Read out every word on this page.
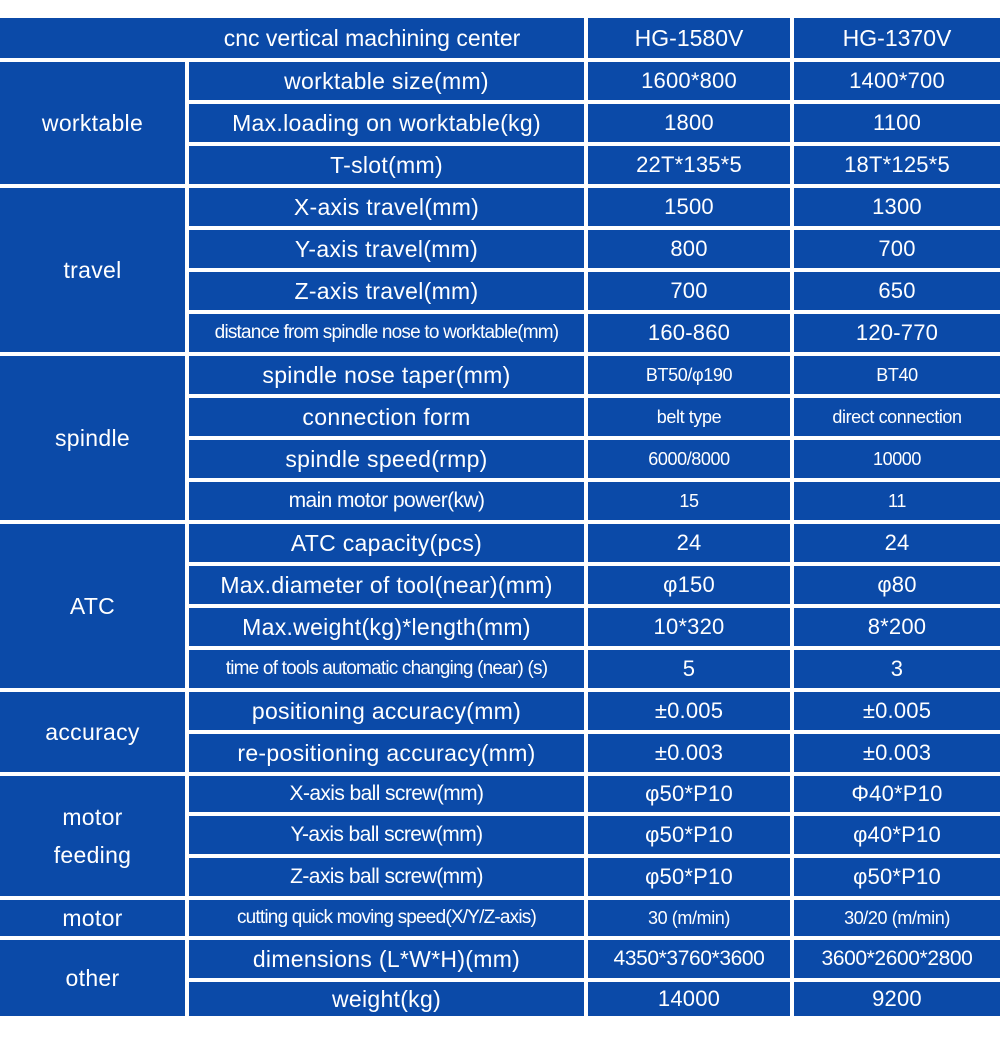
cnc vertical machining center	HG-1580V	HG-1370V
worktable
worktable size(mm)	1600*800	1400*700
Max.loading on worktable(kg)	1800	1100
T-slot(mm)	22T*135*5	18T*125*5
travel
X-axis travel(mm)	1500	1300
Y-axis travel(mm)	800	700
Z-axis travel(mm)	700	650
distance from spindle nose to worktable(mm)	160-860	120-770
spindle
spindle nose taper(mm)	BT50/φ190	BT40
connection form	belt type	direct connection
spindle speed(rmp)	6000/8000	10000
main motor power(kw)	15	11
ATC
ATC capacity(pcs)	24	24
Max.diameter of tool(near)(mm)	φ150	φ80
Max.weight(kg)*length(mm)	10*320	8*200
time of tools automatic changing (near) (s)	5	3
accuracy
positioning accuracy(mm)	±0.005	±0.005
re-positioning accuracy(mm)	±0.003	±0.003
motor
feeding
X-axis ball screw(mm)	φ50*P10	Φ40*P10
Y-axis ball screw(mm)	φ50*P10	φ40*P10
Z-axis ball screw(mm)	φ50*P10	φ50*P10
motor	cutting quick moving speed(X/Y/Z-axis)	30 (m/min)	30/20 (m/min)
other
dimensions (L*W*H)(mm)	4350*3760*3600	3600*2600*2800
weight(kg)	14000	9200
